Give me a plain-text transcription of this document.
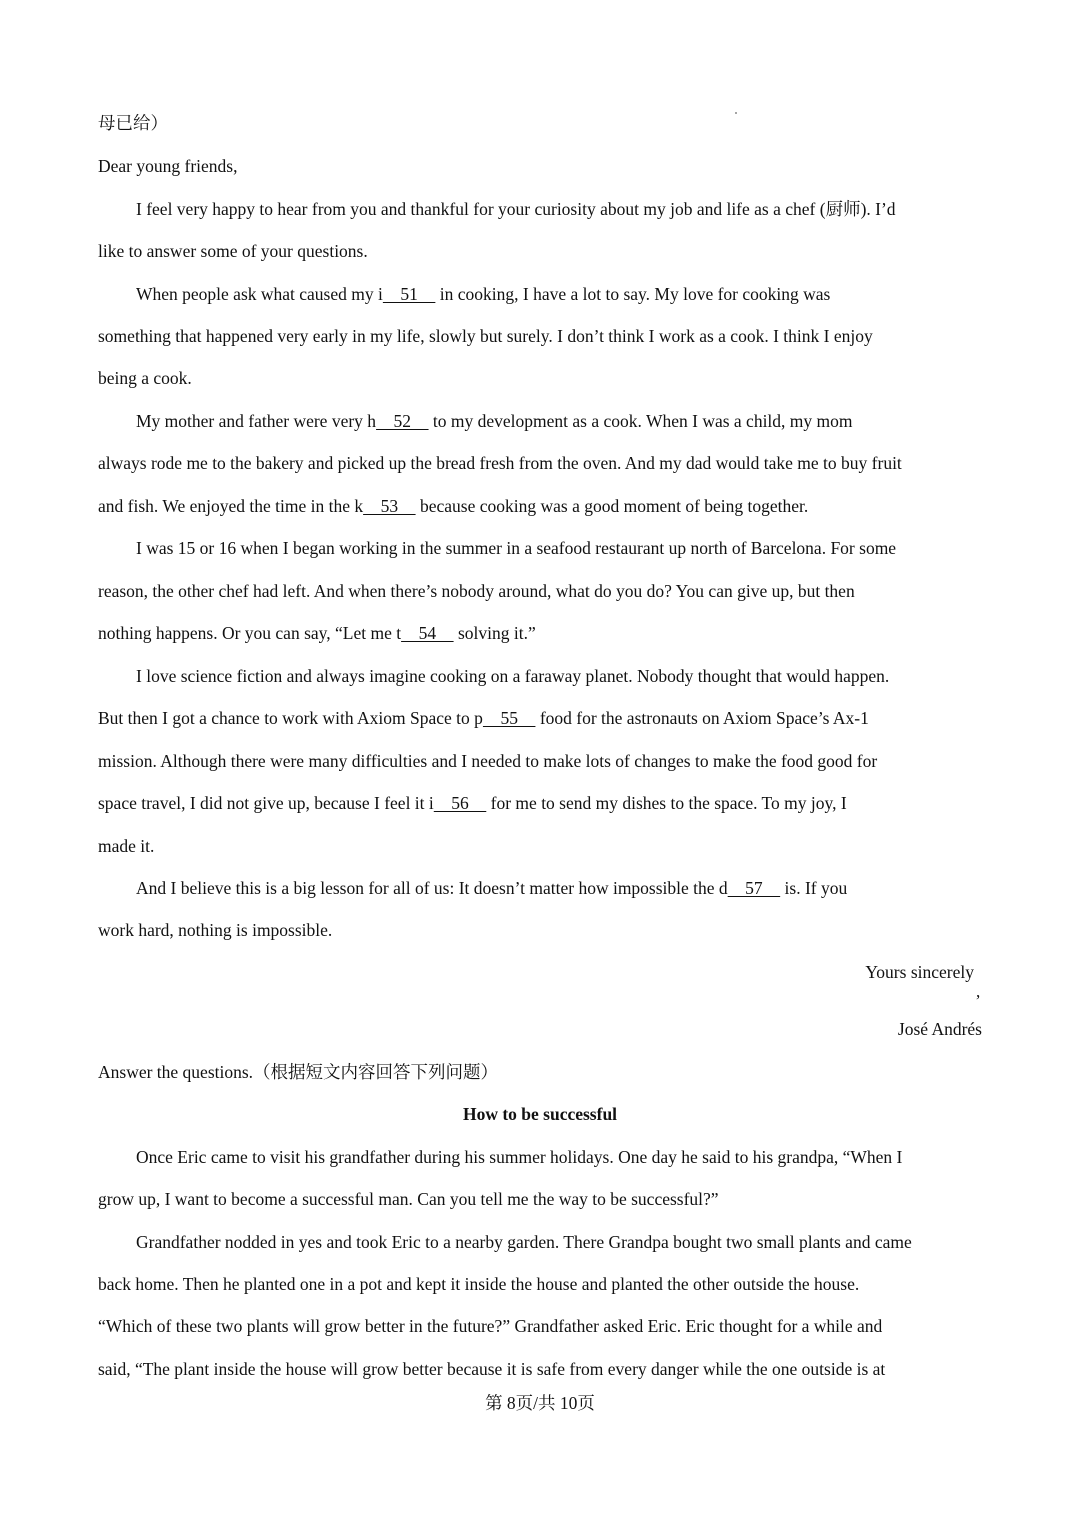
母已给）
Dear young friends,
I feel very happy to hear from you and thankful for your curiosity about my job and life as a chef (厨师). I’d
like to answer some of your questions.
When people ask what caused my i    51     in cooking, I have a lot to say. My love for cooking was
something that happened very early in my life, slowly but surely. I don’t think I work as a cook. I think I enjoy
being a cook.
My mother and father were very h    52     to my development as a cook. When I was a child, my mom
always rode me to the bakery and picked up the bread fresh from the oven. And my dad would take me to buy fruit
and fish. We enjoyed the time in the k    53     because cooking was a good moment of being together.
I was 15 or 16 when I began working in the summer in a seafood restaurant up north of Barcelona. For some
reason, the other chef had left. And when there’s nobody around, what do you do? You can give up, but then
nothing happens. Or you can say, “Let me t    54     solving it.”
I love science fiction and always imagine cooking on a faraway planet. Nobody thought that would happen.
But then I got a chance to work with Axiom Space to p    55     food for the astronauts on Axiom Space’s Ax-1
mission. Although there were many difficulties and I needed to make lots of changes to make the food good for
space travel, I did not give up, because I feel it i    56     for me to send my dishes to the space. To my joy, I
made it.
And I believe this is a big lesson for all of us: It doesn’t matter how impossible the d    57     is. If you
work hard, nothing is impossible.
Yours sincerely
,
José Andrés
Answer the questions.（根据短文内容回答下列问题）
How to be successful
Once Eric came to visit his grandfather during his summer holidays. One day he said to his grandpa, “When I
grow up, I want to become a successful man. Can you tell me the way to be successful?”
Grandfather nodded in yes and took Eric to a nearby garden. There Grandpa bought two small plants and came
back home. Then he planted one in a pot and kept it inside the house and planted the other outside the house.
“Which of these two plants will grow better in the future?” Grandfather asked Eric. Eric thought for a while and
said, “The plant inside the house will grow better because it is safe from every danger while the one outside is at
第 8页/共 10页
